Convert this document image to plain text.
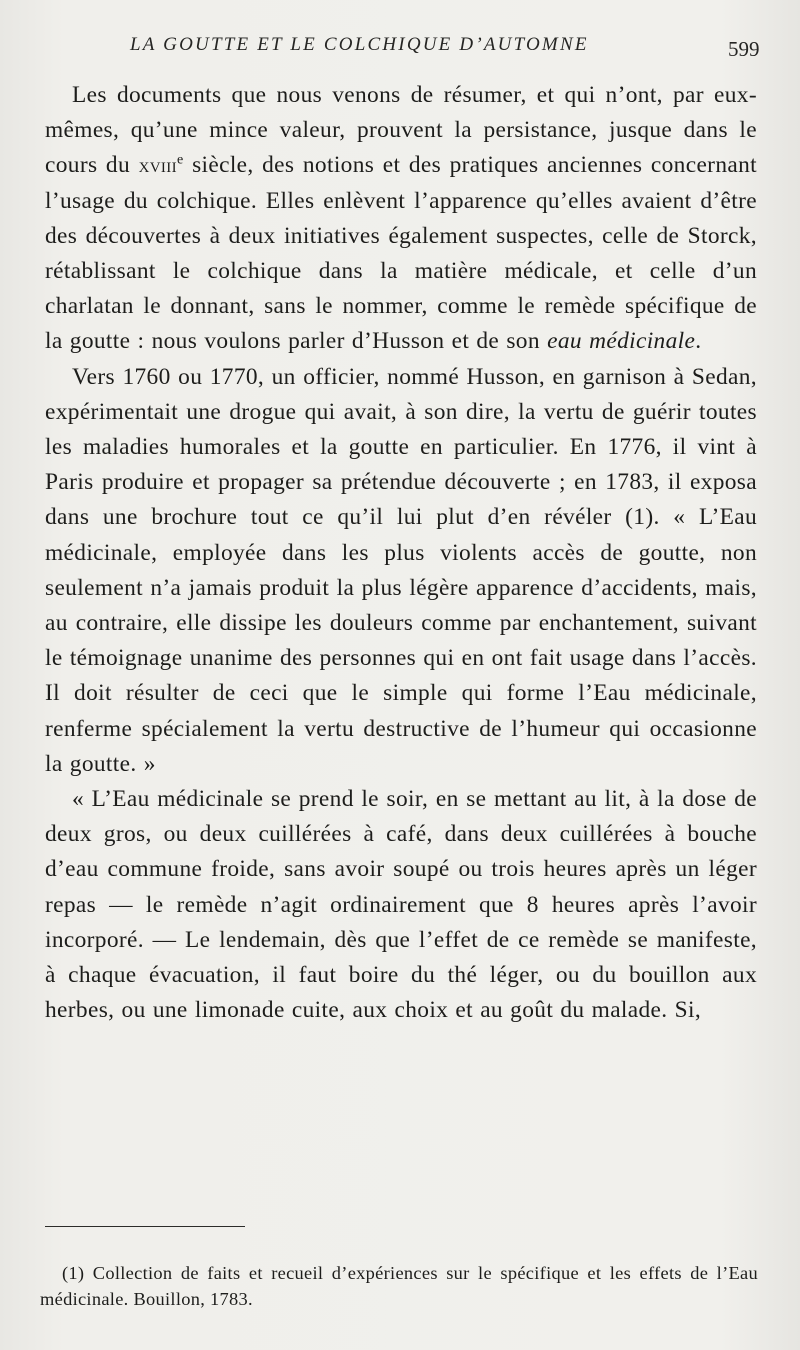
LA GOUTTE ET LE COLCHIQUE D’AUTOMNE	599

Les documents que nous venons de résumer, et qui n’ont, par eux-mêmes, qu’une mince valeur, prouvent la persistance, jusque dans le cours du xviii$^e$ siècle, des notions et des pratiques anciennes concernant l’usage du colchique. Elles enlèvent l’apparence qu’elles avaient d’être des découvertes à deux initiatives également suspectes, celle de Storck, rétablissant le colchique dans la matière médicale, et celle d’un charlatan le donnant, sans le nommer, comme le remède spécifique de la goutte : nous voulons parler d’Husson et de son eau médicinale.

Vers 1760 ou 1770, un officier, nommé Husson, en garnison à Sedan, expérimentait une drogue qui avait, à son dire, la vertu de guérir toutes les maladies humorales et la goutte en particulier. En 1776, il vint à Paris produire et propager sa prétendue découverte ; en 1783, il exposa dans une brochure tout ce qu’il lui plut d’en révéler (1). « L’Eau médicinale, employée dans les plus violents accès de goutte, non seulement n’a jamais produit la plus légère apparence d’accidents, mais, au contraire, elle dissipe les douleurs comme par enchantement, suivant le témoignage unanime des personnes qui en ont fait usage dans l’accès. Il doit résulter de ceci que le simple qui forme l’Eau médicinale, renferme spécialement la vertu destructive de l’humeur qui occasionne la goutte. »

« L’Eau médicinale se prend le soir, en se mettant au lit, à la dose de deux gros, ou deux cuillérées à café, dans deux cuillérées à bouche d’eau commune froide, sans avoir soupé ou trois heures après un léger repas — le remède n’agit ordinairement que 8 heures après l’avoir incorporé. — Le lendemain, dès que l’effet de ce remède se manifeste, à chaque évacuation, il faut boire du thé léger, ou du bouillon aux herbes, ou une limonade cuite, aux choix et au goût du malade. Si,

(1) Collection de faits et recueil d’expériences sur le spécifique et les effets de l’Eau médicinale. Bouillon, 1783.
